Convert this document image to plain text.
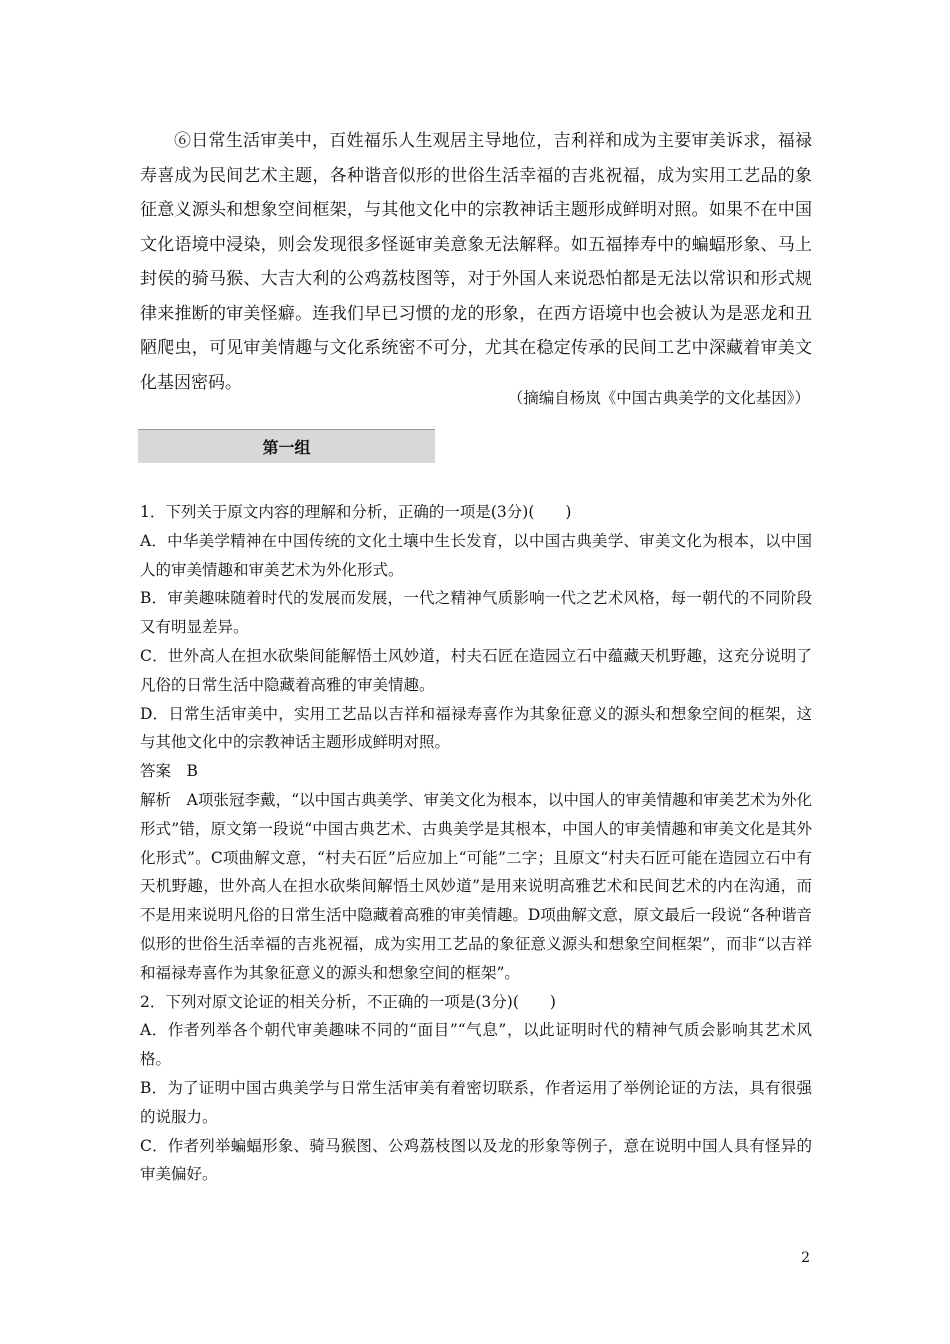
⑥日常生活审美中，百姓福乐人生观居主导地位，吉利祥和成为主要审美诉求，福禄寿喜成为民间艺术主题，各种谐音似形的世俗生活幸福的吉兆祝福，成为实用工艺品的象征意义源头和想象空间框架，与其他文化中的宗教神话主题形成鲜明对照。如果不在中国文化语境中浸染，则会发现很多怪诞审美意象无法解释。如五福捧寿中的蝙蝠形象、马上封侯的骑马猴、大吉大利的公鸡荔枝图等，对于外国人来说恐怕都是无法以常识和形式规律来推断的审美怪癖。连我们早已习惯的龙的形象，在西方语境中也会被认为是恶龙和丑陋爬虫，可见审美情趣与文化系统密不可分，尤其在稳定传承的民间工艺中深藏着审美文化基因密码。

（摘编自杨岚《中国古典美学的文化基因》）

第一组

1．下列关于原文内容的理解和分析，正确的一项是(3分)(　　)

A．中华美学精神在中国传统的文化土壤中生长发育，以中国古典美学、审美文化为根本，以中国人的审美情趣和审美艺术为外化形式。

B．审美趣味随着时代的发展而发展，一代之精神气质影响一代之艺术风格，每一朝代的不同阶段又有明显差异。

C．世外高人在担水砍柴间能解悟土风妙道，村夫石匠在造园立石中蕴藏天机野趣，这充分说明了凡俗的日常生活中隐藏着高雅的审美情趣。

D．日常生活审美中，实用工艺品以吉祥和福禄寿喜作为其象征意义的源头和想象空间的框架，这与其他文化中的宗教神话主题形成鲜明对照。

答案　B

解析　A项张冠李戴，“以中国古典美学、审美文化为根本，以中国人的审美情趣和审美艺术为外化形式”错，原文第一段说“中国古典艺术、古典美学是其根本，中国人的审美情趣和审美文化是其外化形式”。C项曲解文意，“村夫石匠”后应加上“可能”二字；且原文“村夫石匠可能在造园立石中有天机野趣，世外高人在担水砍柴间解悟土风妙道”是用来说明高雅艺术和民间艺术的内在沟通，而不是用来说明凡俗的日常生活中隐藏着高雅的审美情趣。D项曲解文意，原文最后一段说“各种谐音似形的世俗生活幸福的吉兆祝福，成为实用工艺品的象征意义源头和想象空间框架”，而非“以吉祥和福禄寿喜作为其象征意义的源头和想象空间的框架”。

2．下列对原文论证的相关分析，不正确的一项是(3分)(　　)

A．作者列举各个朝代审美趣味不同的“面目”“气息”，以此证明时代的精神气质会影响其艺术风格。

B．为了证明中国古典美学与日常生活审美有着密切联系，作者运用了举例论证的方法，具有很强的说服力。

C．作者列举蝙蝠形象、骑马猴图、公鸡荔枝图以及龙的形象等例子，意在说明中国人具有怪异的审美偏好。

2
